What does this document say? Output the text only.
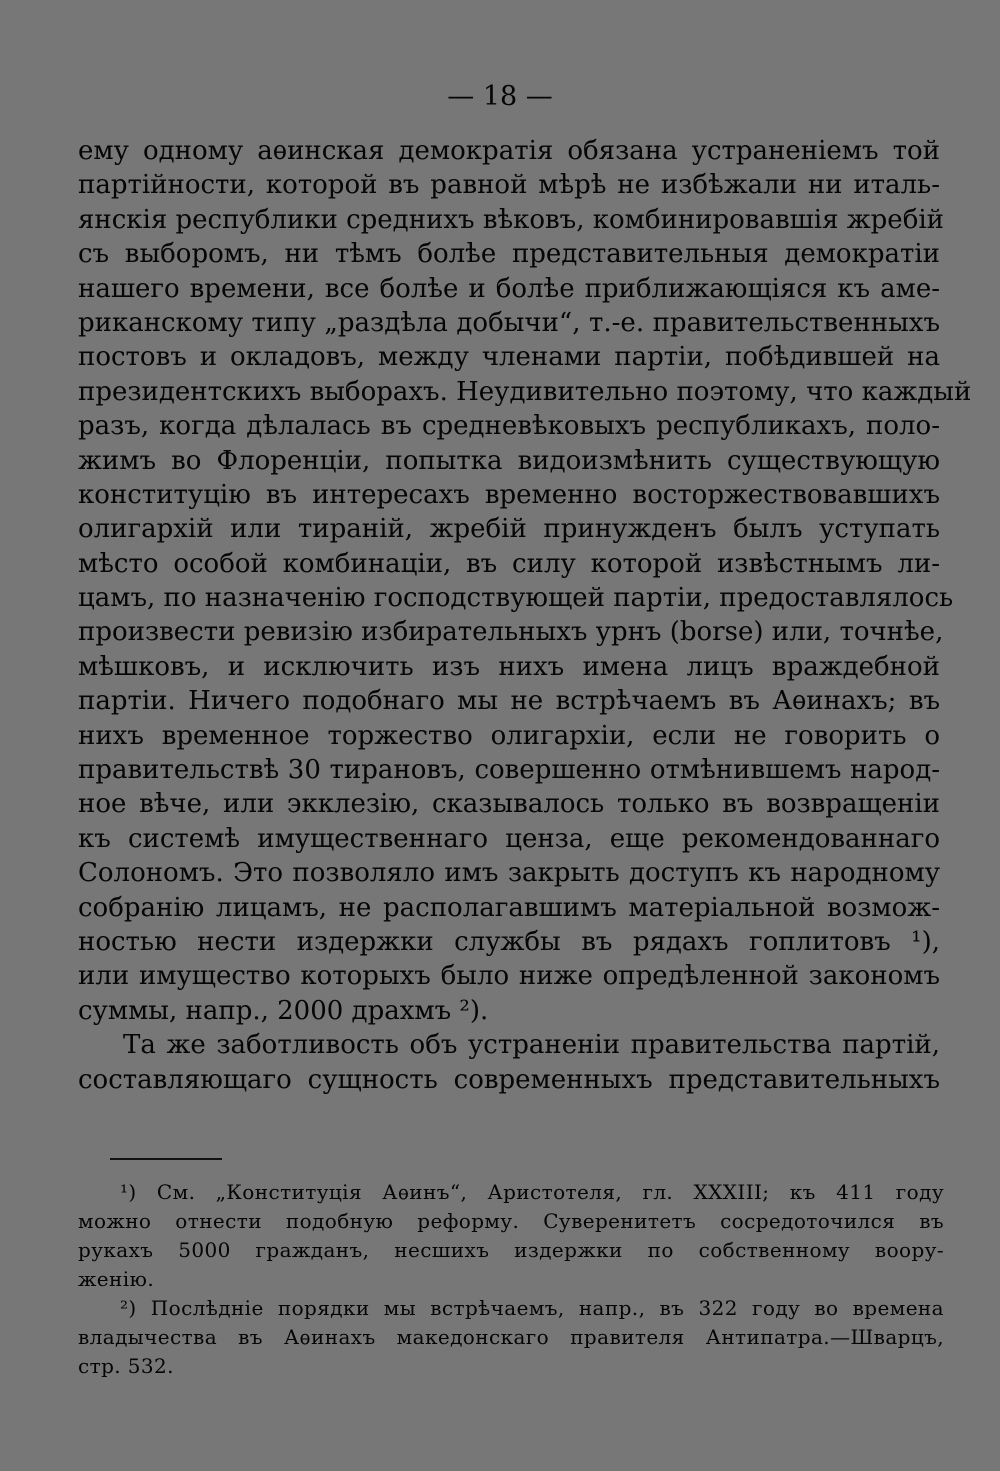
— 18 —
ему одному аѳинская демократія обязана устраненіемъ той
партійности, которой въ равной мѣрѣ не избѣжали ни италь-
янскія республики среднихъ вѣковъ, комбинировавшія жребій
съ выборомъ, ни тѣмъ болѣе представительныя демократіи
нашего времени, все болѣе и болѣе приближающіяся къ аме-
риканскому типу „раздѣла добычи“, т.-е. правительственныхъ
постовъ и окладовъ, между членами партіи, побѣдившей на
президентскихъ выборахъ. Неудивительно поэтому, что каждый
разъ, когда дѣлалась въ средневѣковыхъ республикахъ, поло-
жимъ во Флоренціи, попытка видоизмѣнить существующую
конституцію въ интересахъ временно восторжествовавшихъ
олигархій или тираній, жребій принужденъ былъ уступать
мѣсто особой комбинаціи, въ силу которой извѣстнымъ ли-
цамъ, по назначенію господствующей партіи, предоставлялось
произвести ревизію избирательныхъ урнъ (borse) или, точнѣе,
мѣшковъ, и исключить изъ нихъ имена лицъ враждебной
партіи. Ничего подобнаго мы не встрѣчаемъ въ Аѳинахъ; въ
нихъ временное торжество олигархіи, если не говорить о
правительствѣ 30 тирановъ, совершенно отмѣнившемъ народ-
ное вѣче, или экклезію, сказывалось только въ возвращеніи
къ системѣ имущественнаго ценза, еще рекомендованнаго
Солономъ. Это позволяло имъ закрыть доступъ къ народному
собранію лицамъ, не располагавшимъ матеріальной возмож-
ностью нести издержки службы въ рядахъ гоплитовъ ¹),
или имущество которыхъ было ниже опредѣленной закономъ
суммы, напр., 2000 драхмъ ²).
Та же заботливость объ устраненіи правительства партій,
составляющаго сущность современныхъ представительныхъ
¹) См. „Конституція Аѳинъ“, Аристотеля, гл. XXXIII; къ 411 году
можно отнести подобную реформу. Суверенитетъ сосредоточился въ
рукахъ 5000 гражданъ, несшихъ издержки по собственному воору-
женію.
²) Послѣдніе порядки мы встрѣчаемъ, напр., въ 322 году во времена
владычества въ Аѳинахъ македонскаго правителя Антипатра.—Шварцъ,
стр. 532.
